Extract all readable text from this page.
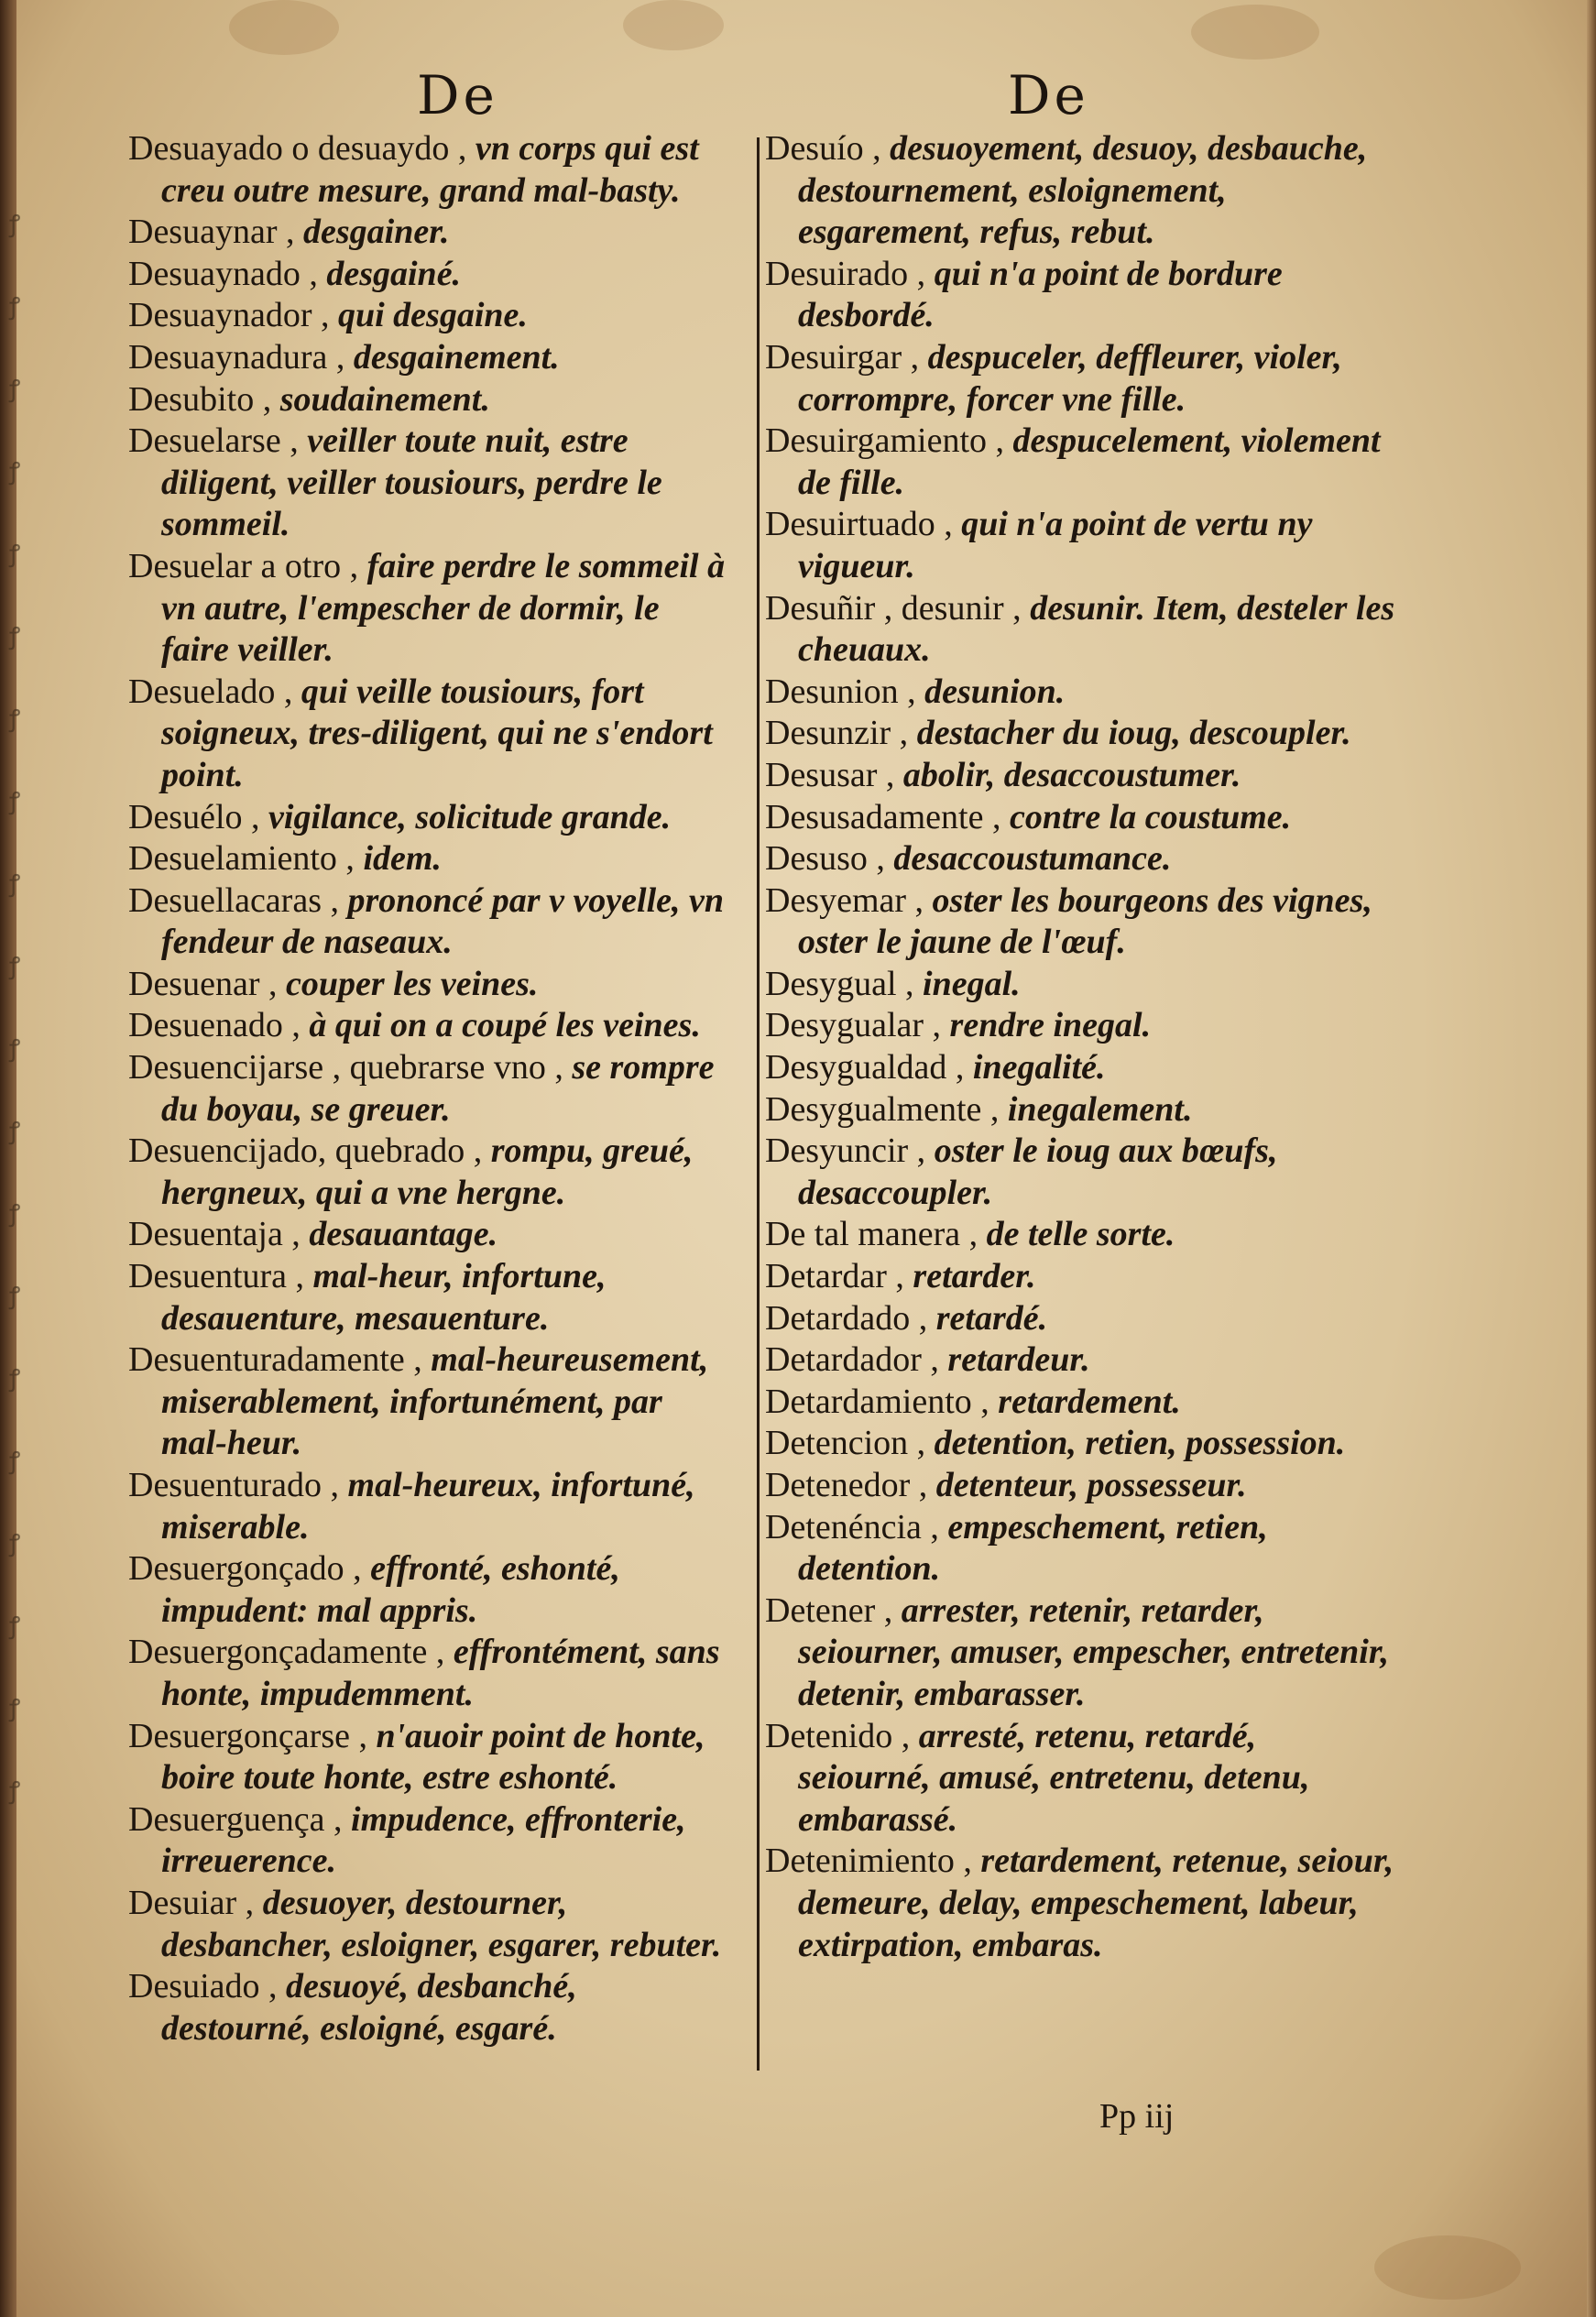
ꝭ
ꝭ
ꝭ
ꝭ
ꝭ
ꝭ
ꝭ
ꝭ
ꝭ
ꝭ
ꝭ
ꝭ
ꝭ
ꝭ
ꝭ
ꝭ
ꝭ
ꝭ
ꝭ
ꝭ
De	De

Desuayado o desuaydo , vn corps qui est creu outre mesure, grand mal-basty.

Desuaynar , desgainer.

Desuaynado , desgainé.

Desuaynador , qui desgaine.

Desuaynadura , desgainement.

Desubito , soudainement.

Desuelarse , veiller toute nuit, estre diligent, veiller tousiours, perdre le sommeil.

Desuelar a otro , faire perdre le sommeil à vn autre, l'empescher de dormir, le faire veiller.

Desuelado , qui veille tousiours, fort soigneux, tres-diligent, qui ne s'endort point.

Desuélo , vigilance, solicitude grande.

Desuelamiento , idem.

Desuellacaras , prononcé par v voyelle, vn fendeur de naseaux.

Desuenar , couper les veines.

Desuenado , à qui on a coupé les veines.

Desuencijarse , quebrarse vno , se rompre du boyau, se greuer.

Desuencijado, quebrado , rompu, greué, hergneux, qui a vne hergne.

Desuentaja , desauantage.

Desuentura , mal-heur, infortune, desauenture, mesauenture.

Desuenturadamente , mal-heureusement, miserablement, infortunément, par mal-heur.

Desuenturado , mal-heureux, infortuné, miserable.

Desuergonçado , effronté, eshonté, impudent: mal appris.

Desuergonçadamente , effrontément, sans honte, impudemment.

Desuergonçarse , n'auoir point de honte, boire toute honte, estre eshonté.

Desuerguença , impudence, effronterie, irreuerence.

Desuiar , desuoyer, destourner, desbancher, esloigner, esgarer, rebuter.

Desuiado , desuoyé, desbanché, destourné, esloigné, esgaré.

Desuío , desuoyement, desuoy, desbauche, destournement, esloignement, esgarement, refus, rebut.

Desuirado , qui n'a point de bordure desbordé.

Desuirgar , despuceler, deffleurer, violer, corrompre, forcer vne fille.

Desuirgamiento , despucelement, violement de fille.

Desuirtuado , qui n'a point de vertu ny vigueur.

Desuñir , desunir , desunir. Item, desteler les cheuaux.

Desunion , desunion.

Desunzir , destacher du ioug, descoupler.

Desusar , abolir, desaccoustumer.

Desusadamente , contre la coustume.

Desuso , desaccoustumance.

Desyemar , oster les bourgeons des vignes, oster le jaune de l'œuf.

Desygual , inegal.

Desygualar , rendre inegal.

Desygualdad , inegalité.

Desygualmente , inegalement.

Desyuncir , oster le ioug aux bœufs, desaccoupler.

De tal manera , de telle sorte.

Detardar , retarder.

Detardado , retardé.

Detardador , retardeur.

Detardamiento , retardement.

Detencion , detention, retien, possession.

Detenedor , detenteur, possesseur.

Detenéncia , empeschement, retien, detention.

Detener , arrester, retenir, retarder, seiourner, amuser, empescher, entretenir, detenir, embarasser.

Detenido , arresté, retenu, retardé, seiourné, amusé, entretenu, detenu, embarassé.

Detenimiento , retardement, retenue, seiour, demeure, delay, empeschement, labeur, extirpation, embaras.

Pp iij
